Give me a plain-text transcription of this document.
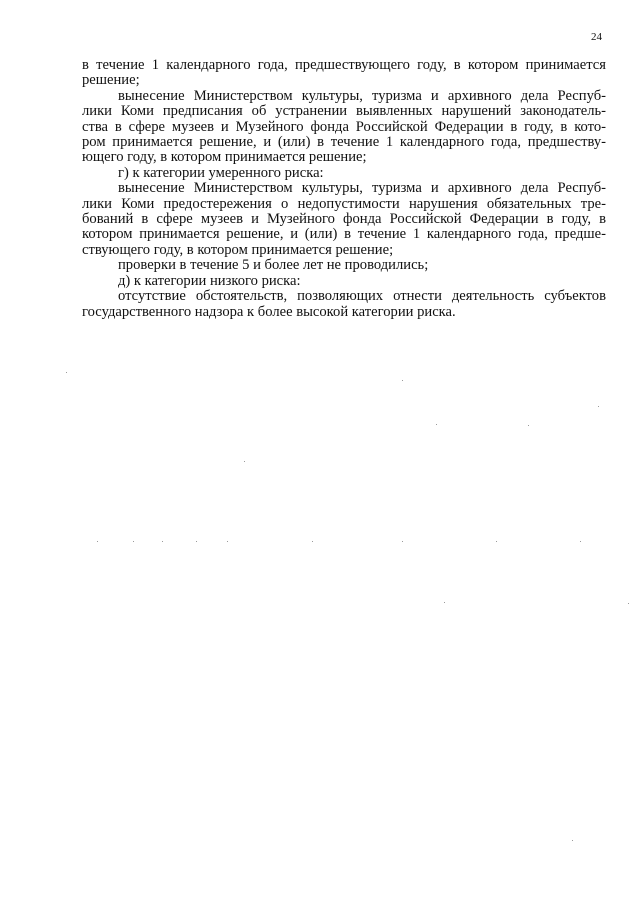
24
в течение 1 календарного года, предшествующего году, в котором принимается
решение;
вынесение Министерством культуры, туризма и архивного дела Респуб-
лики Коми предписания об устранении выявленных нарушений законодатель-
ства в сфере музеев и Музейного фонда Российской Федерации в году, в кото-
ром принимается решение, и (или) в течение 1 календарного года, предшеству-
ющего году, в котором принимается решение;
г) к категории умеренного риска:
вынесение Министерством культуры, туризма и архивного дела Респуб-
лики Коми предостережения о недопустимости нарушения обязательных тре-
бований в сфере музеев и Музейного фонда Российской Федерации в году, в
котором принимается решение, и (или) в течение 1 календарного года, предше-
ствующего году, в котором принимается решение;
проверки в течение 5 и более лет не проводились;
д) к категории низкого риска:
отсутствие обстоятельств, позволяющих отнести деятельность субъектов
государственного надзора к более высокой категории риска.
